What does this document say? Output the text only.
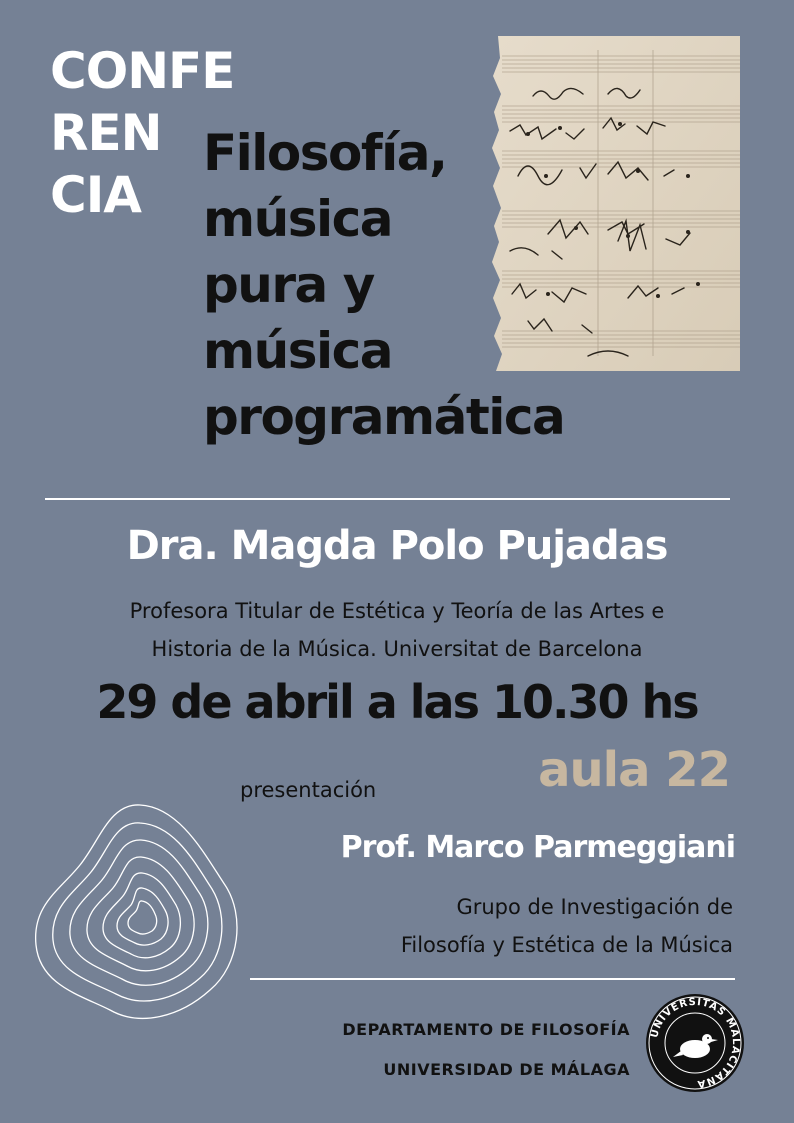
CONFE
REN
CIA
Filosofía,
música
pura y
música
programática
Dra. Magda Polo Pujadas
Profesora Titular de Estética y Teoría de las Artes e
Historia de la Música. Universitat de Barcelona
29 de abril a las 10.30 hs
aula 22
presentación
Prof. Marco Parmeggiani
Grupo de Investigación de
Filosofía y Estética de la Música
DEPARTAMENTO DE FILOSOFÍA
UNIVERSIDAD DE MÁLAGA
UNIVERSITAS MALACITANA
